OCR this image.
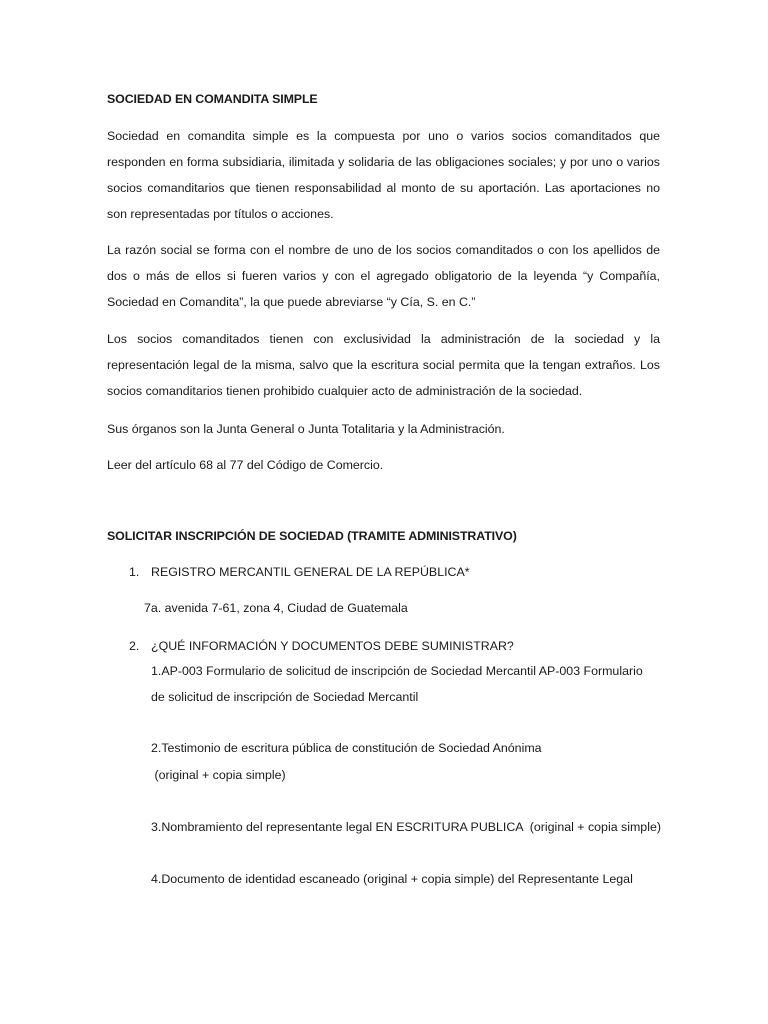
SOCIEDAD EN COMANDITA SIMPLE
Sociedad en comandita simple es la compuesta por uno o varios socios comanditados que responden en forma subsidiaria, ilimitada y solidaria de las obligaciones sociales; y por uno o varios socios comanditarios que tienen responsabilidad al monto de su aportación. Las aportaciones no son representadas por títulos o acciones.
La razón social se forma con el nombre de uno de los socios comanditados o con los apellidos de dos o más de ellos si fueren varios y con el agregado obligatorio de la leyenda “y Compañía, Sociedad en Comandita”, la que puede abreviarse “y Cía, S. en C.”
Los socios comanditados tienen con exclusividad la administración de la sociedad y la representación legal de la misma, salvo que la escritura social permita que la tengan extraños. Los socios comanditarios tienen prohibido cualquier acto de administración de la sociedad.
Sus órganos son la Junta General o Junta Totalitaria y la Administración.
Leer del artículo 68 al 77 del Código de Comercio.
SOLICITAR INSCRIPCIÓN DE SOCIEDAD (TRAMITE ADMINISTRATIVO)
1. REGISTRO MERCANTIL GENERAL DE LA REPÚBLICA*
7a. avenida 7-61, zona 4, Ciudad de Guatemala
2. ¿QUÉ INFORMACIÓN Y DOCUMENTOS DEBE SUMINISTRAR?
1.AP-003 Formulario de solicitud de inscripción de Sociedad Mercantil AP-003 Formulario
de solicitud de inscripción de Sociedad Mercantil
2.Testimonio de escritura pública de constitución de Sociedad Anónima
(original + copia simple)
3.Nombramiento del representante legal EN ESCRITURA PUBLICA  (original + copia simple)
4.Documento de identidad escaneado (original + copia simple) del Representante Legal
